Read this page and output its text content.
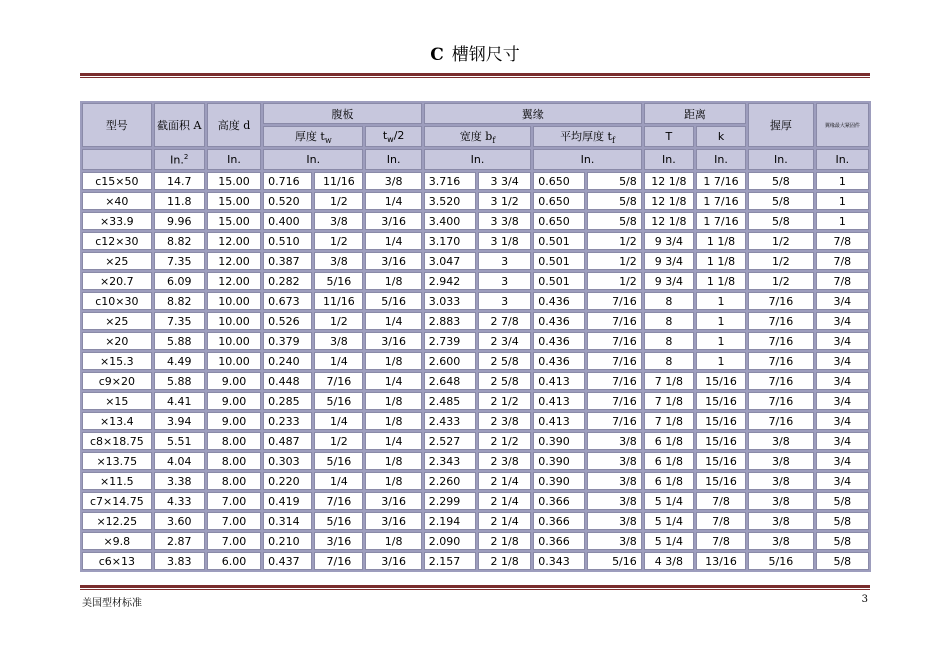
C 槽钢尺寸
型号	截面积 A	高度 d	腹板			翼缘				距离		握厚	翼缘最大紧固件
			厚度 $t_w$		$t_w/2$	宽度 $b_f$		平均厚度 $t_f$		T	k		
	In.$^2$	In.	In.		In.	In.		In.		In.	In.	In.	In.
c15×50	14.7	15.00	0.716	11/16	3/8	3.716	3 3/4	0.650	5/8	12 1/8	1 7/16	5/8	1
×40	11.8	15.00	0.520	1/2	1/4	3.520	3 1/2	0.650	5/8	12 1/8	1 7/16	5/8	1
×33.9	9.96	15.00	0.400	3/8	3/16	3.400	3 3/8	0.650	5/8	12 1/8	1 7/16	5/8	1
c12×30	8.82	12.00	0.510	1/2	1/4	3.170	3 1/8	0.501	1/2	9 3/4	1 1/8	1/2	7/8
×25	7.35	12.00	0.387	3/8	3/16	3.047	3	0.501	1/2	9 3/4	1 1/8	1/2	7/8
×20.7	6.09	12.00	0.282	5/16	1/8	2.942	3	0.501	1/2	9 3/4	1 1/8	1/2	7/8
c10×30	8.82	10.00	0.673	11/16	5/16	3.033	3	0.436	7/16	8	1	7/16	3/4
×25	7.35	10.00	0.526	1/2	1/4	2.883	2 7/8	0.436	7/16	8	1	7/16	3/4
×20	5.88	10.00	0.379	3/8	3/16	2.739	2 3/4	0.436	7/16	8	1	7/16	3/4
×15.3	4.49	10.00	0.240	1/4	1/8	2.600	2 5/8	0.436	7/16	8	1	7/16	3/4
c9×20	5.88	9.00	0.448	7/16	1/4	2.648	2 5/8	0.413	7/16	7 1/8	15/16	7/16	3/4
×15	4.41	9.00	0.285	5/16	1/8	2.485	2 1/2	0.413	7/16	7 1/8	15/16	7/16	3/4
×13.4	3.94	9.00	0.233	1/4	1/8	2.433	2 3/8	0.413	7/16	7 1/8	15/16	7/16	3/4
c8×18.75	5.51	8.00	0.487	1/2	1/4	2.527	2 1/2	0.390	3/8	6 1/8	15/16	3/8	3/4
×13.75	4.04	8.00	0.303	5/16	1/8	2.343	2 3/8	0.390	3/8	6 1/8	15/16	3/8	3/4
×11.5	3.38	8.00	0.220	1/4	1/8	2.260	2 1/4	0.390	3/8	6 1/8	15/16	3/8	3/4
c7×14.75	4.33	7.00	0.419	7/16	3/16	2.299	2 1/4	0.366	3/8	5 1/4	7/8	3/8	5/8
×12.25	3.60	7.00	0.314	5/16	3/16	2.194	2 1/4	0.366	3/8	5 1/4	7/8	3/8	5/8
×9.8	2.87	7.00	0.210	3/16	1/8	2.090	2 1/8	0.366	3/8	5 1/4	7/8	3/8	5/8
c6×13	3.83	6.00	0.437	7/16	3/16	2.157	2 1/8	0.343	5/16	4 3/8	13/16	5/16	5/8
美国型材标准	3
